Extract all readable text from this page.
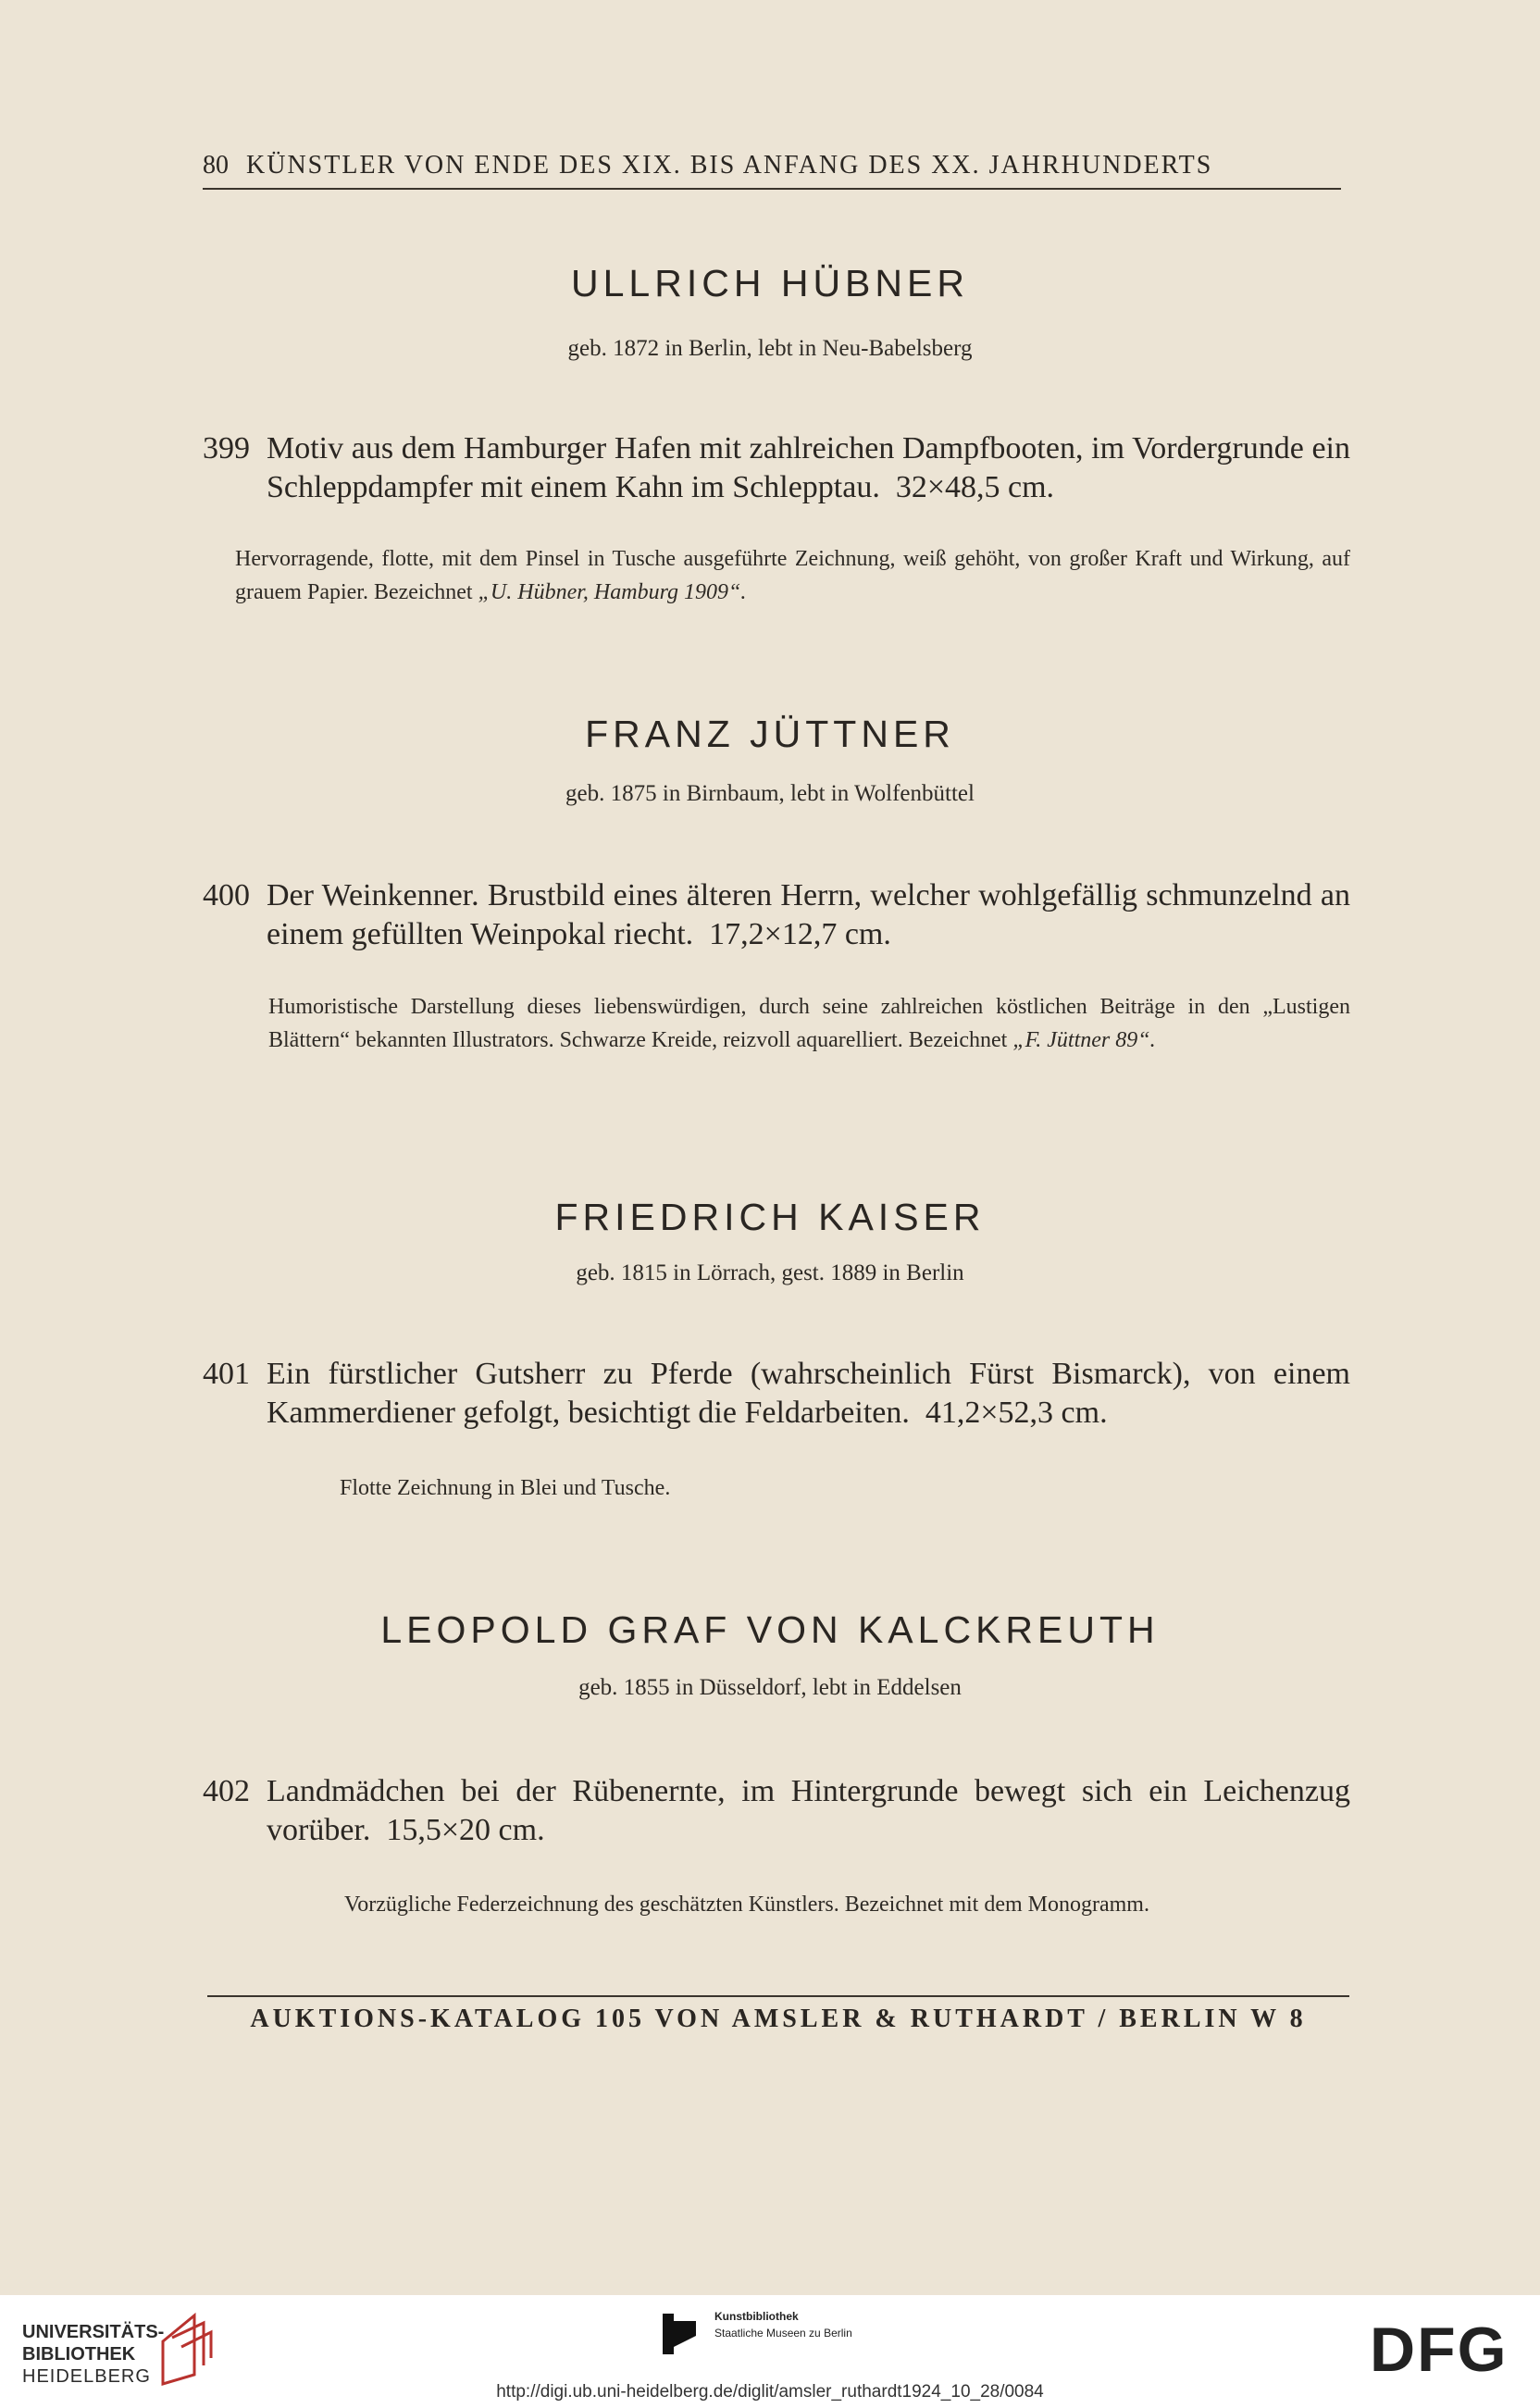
80 KÜNSTLER VON ENDE DES XIX. BIS ANFANG DES XX. JAHRHUNDERTS
ULLRICH HÜBNER
geb. 1872 in Berlin, lebt in Neu-Babelsberg
399 Motiv aus dem Hamburger Hafen mit zahlreichen Dampfbooten, im Vordergrunde ein Schleppdampfer mit einem Kahn im Schlepptau. 32×48,5 cm.
Hervorragende, flotte, mit dem Pinsel in Tusche ausgeführte Zeichnung, weiß gehöht, von großer Kraft und Wirkung, auf grauem Papier. Bezeichnet „U. Hübner, Hamburg 1909“.
FRANZ JÜTTNER
geb. 1875 in Birnbaum, lebt in Wolfenbüttel
400 Der Weinkenner. Brustbild eines älteren Herrn, welcher wohlgefällig schmunzelnd an einem gefüllten Weinpokal riecht. 17,2×12,7 cm.
Humoristische Darstellung dieses liebenswürdigen, durch seine zahlreichen köstlichen Beiträge in den „Lustigen Blättern“ bekannten Illustrators. Schwarze Kreide, reizvoll aquarelliert. Bezeichnet „F. Jüttner 89“.
FRIEDRICH KAISER
geb. 1815 in Lörrach, gest. 1889 in Berlin
401 Ein fürstlicher Gutsherr zu Pferde (wahrscheinlich Fürst Bismarck), von einem Kammerdiener gefolgt, besichtigt die Feldarbeiten. 41,2×52,3 cm.
Flotte Zeichnung in Blei und Tusche.
LEOPOLD GRAF VON KALCKREUTH
geb. 1855 in Düsseldorf, lebt in Eddelsen
402 Landmädchen bei der Rübenernte, im Hintergrunde bewegt sich ein Leichenzug vorüber. 15,5×20 cm.
Vorzügliche Federzeichnung des geschätzten Künstlers. Bezeichnet mit dem Monogramm.
AUKTIONS-KATALOG 105 VON AMSLER & RUTHARDT / BERLIN W 8
UNIVERSITÄTS-
BIBLIOTHEK
HEIDELBERG
Kunstbibliothek
Staatliche Museen zu Berlin	DFG
http://digi.ub.uni-heidelberg.de/diglit/amsler_ruthardt1924_10_28/0084
